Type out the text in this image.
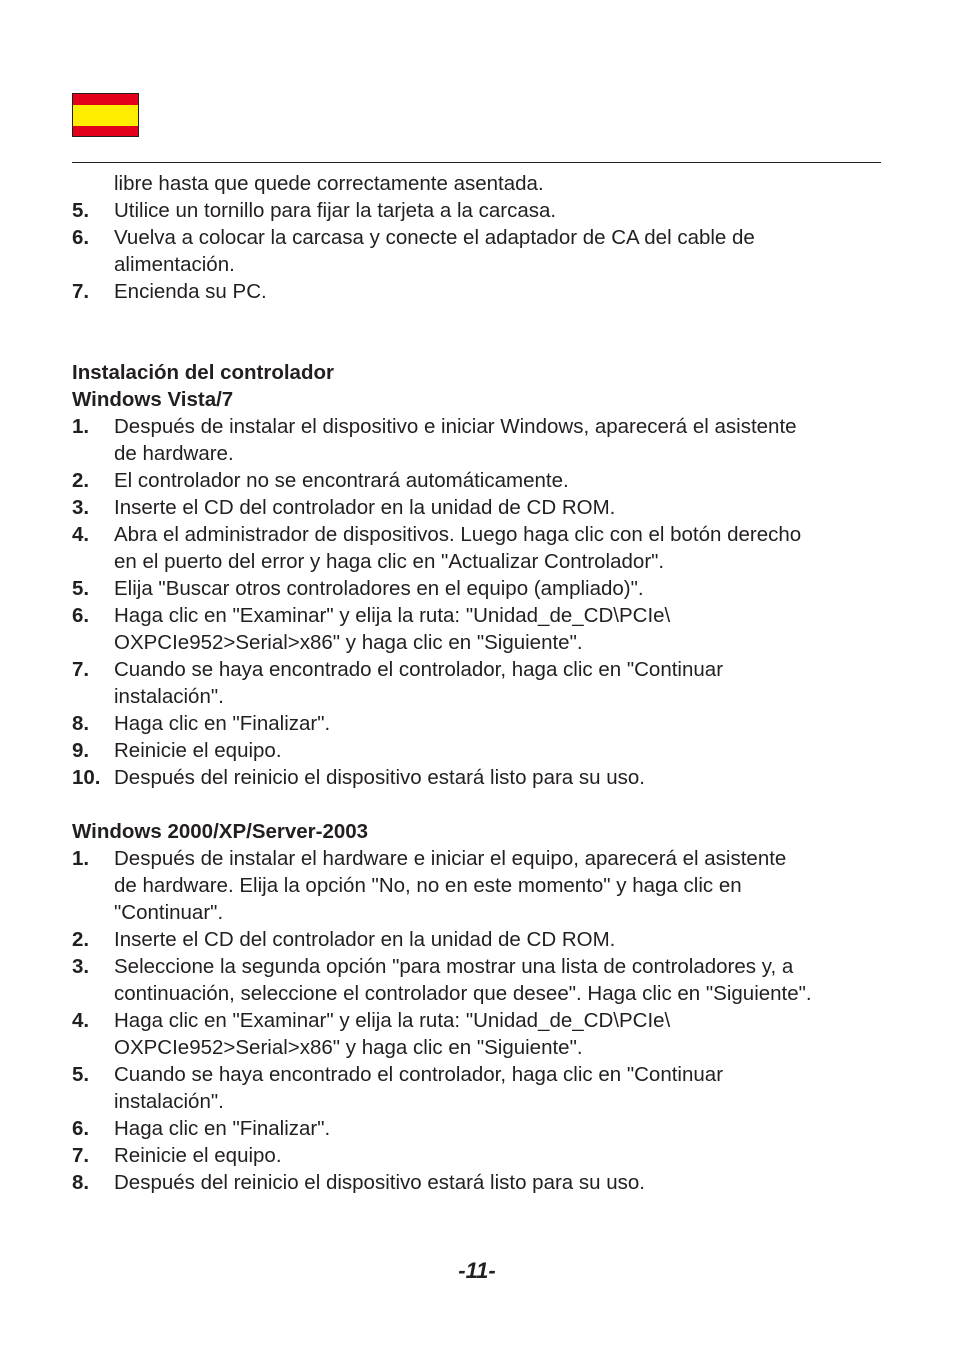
libre hasta que quede correctamente asentada.
5.	Utilice un tornillo para fijar la tarjeta a la carcasa.
6.	Vuelva a colocar la carcasa y conecte el adaptador de CA del cable de
alimentación.
7.	Encienda su PC.
Instalación del controlador
Windows Vista/7
1.	Después de instalar el dispositivo e iniciar Windows, aparecerá el asistente
de hardware.
2.	El controlador no se encontrará automáticamente.
3.	Inserte el CD del controlador en la unidad de CD ROM.
4.	Abra el administrador de dispositivos. Luego haga clic con el botón derecho
en el puerto del error y haga clic en "Actualizar Controlador".
5.	Elija "Buscar otros controladores en el equipo (ampliado)".
6.	Haga clic en "Examinar" y elija la ruta: "Unidad_de_CD\PCIe\
OXPCIe952>Serial>x86" y haga clic en "Siguiente".
7.	Cuando se haya encontrado el controlador, haga clic en "Continuar
instalación".
8.	Haga clic en "Finalizar".
9.	Reinicie el equipo.
10. Después del reinicio el dispositivo estará listo para su uso.
Windows 2000/XP/Server-2003
1.	Después de instalar el hardware e iniciar el equipo, aparecerá el asistente
de hardware. Elija la opción "No, no en este momento" y haga clic en
"Continuar".
2.	Inserte el CD del controlador en la unidad de CD ROM.
3.	Seleccione la segunda opción "para mostrar una lista de controladores y, a
continuación, seleccione el controlador que desee". Haga clic en "Siguiente".
4.	Haga clic en "Examinar" y elija la ruta: "Unidad_de_CD\PCIe\
OXPCIe952>Serial>x86" y haga clic en "Siguiente".
5.	Cuando se haya encontrado el controlador, haga clic en "Continuar
instalación".
6.	Haga clic en "Finalizar".
7.	Reinicie el equipo.
8.	Después del reinicio el dispositivo estará listo para su uso.
-11-
